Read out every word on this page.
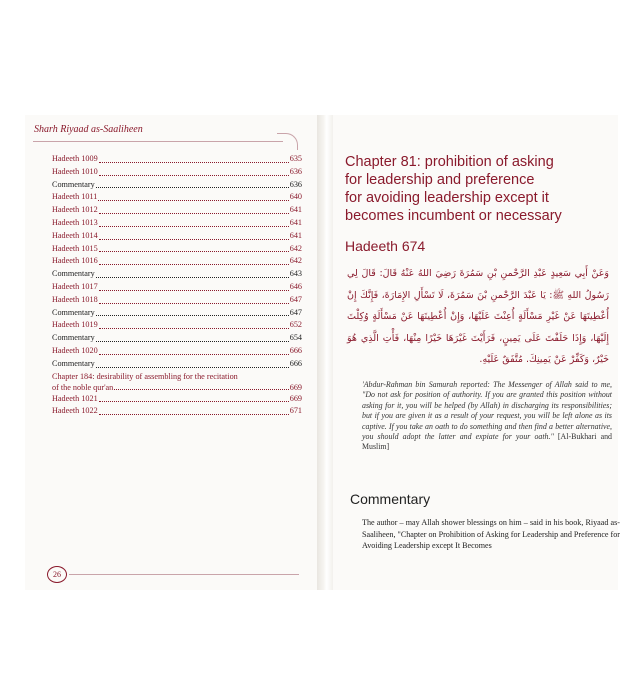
Sharh Riyaad as-Saaliheen
Hadeeth 1009	635
Hadeeth 1010	636
Commentary	636
Hadeeth 1011	640
Hadeeth 1012	641
Hadeeth 1013	641
Hadeeth 1014	641
Hadeeth 1015	642
Hadeeth 1016	642
Commentary	643
Hadeeth 1017	646
Hadeeth 1018	647
Commentary	647
Hadeeth 1019	652
Commentary	654
Hadeeth 1020	666
Commentary	666
Chapter 184: desirability of assembling for the recitation
of the noble qur'an	669
Hadeeth 1021	669
Hadeeth 1022	671
26
Chapter 81: prohibition of asking
for leadership and preference
for avoiding leadership except it
becomes incumbent or necessary
Hadeeth 674
وَعَنْ أَبِي سَعِيدٍ عَبْدِ الرَّحْمنِ بْنِ سَمُرَةَ رَضِيَ اللهُ عَنْهُ قَالَ: قَالَ لِي رَسُولُ اللهِ ﷺ: يَا عَبْدَ الرَّحْمنِ بْنَ سَمُرَةَ، لَا تَسْأَلِ الإِمَارَةَ، فَإِنَّكَ إِنْ أُعْطِيتَهَا عَنْ غَيْرِ مَسْأَلَةٍ أُعِنْتَ عَلَيْهَا، وَإِنْ أُعْطِيتَهَا عَنْ مَسْأَلَةٍ وُكِلْتَ إِلَيْهَا، وَإِذَا حَلَفْتَ عَلَى يَمِينٍ، فَرَأَيْتَ غَيْرَهَا خَيْرًا مِنْهَا، فَأْتِ الَّذِي هُوَ خَيْرٌ، وَكَفِّرْ عَنْ يَمِينِكَ. مُتَّفَقٌ عَلَيْهِ.

'Abdur-Rahman bin Samurah reported: The Messenger of Allah said to me, "Do not ask for position of authority. If you are granted this position without asking for it, you will be helped (by Allah) in discharging its responsibilities; but if you are given it as a result of your request, you will be left alone as its captive. If you take an oath to do something and then find a better alternative, you should adopt the latter and expiate for your oath." [Al-Bukhari and Muslim]

Commentary

The author – may Allah shower blessings on him – said in his book, Riyaad as-Saaliheen, "Chapter on Prohibition of Asking for Leadership and Preference for Avoiding Leadership except It Becomes
